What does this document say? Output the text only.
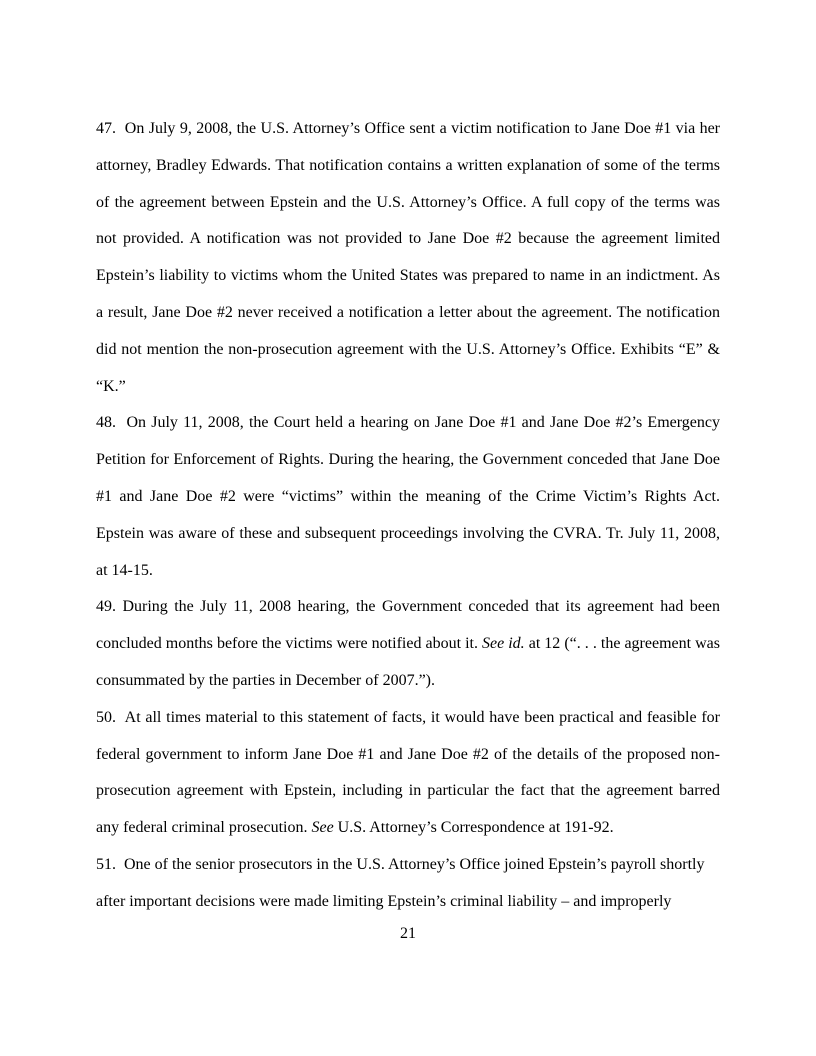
47. On July 9, 2008, the U.S. Attorney’s Office sent a victim notification to Jane Doe #1 via her attorney, Bradley Edwards. That notification contains a written explanation of some of the terms of the agreement between Epstein and the U.S. Attorney’s Office. A full copy of the terms was not provided. A notification was not provided to Jane Doe #2 because the agreement limited Epstein’s liability to victims whom the United States was prepared to name in an indictment. As a result, Jane Doe #2 never received a notification a letter about the agreement. The notification did not mention the non-prosecution agreement with the U.S. Attorney’s Office. Exhibits “E” & “K.”

48. On July 11, 2008, the Court held a hearing on Jane Doe #1 and Jane Doe #2’s Emergency Petition for Enforcement of Rights. During the hearing, the Government conceded that Jane Doe #1 and Jane Doe #2 were “victims” within the meaning of the Crime Victim’s Rights Act. Epstein was aware of these and subsequent proceedings involving the CVRA. Tr. July 11, 2008, at 14-15.

49. During the July 11, 2008 hearing, the Government conceded that its agreement had been concluded months before the victims were notified about it. See id. at 12 (“. . . the agreement was consummated by the parties in December of 2007.”).

50.  At all times material to this statement of facts, it would have been practical and feasible for federal government to inform Jane Doe #1 and Jane Doe #2 of the details of the proposed non-prosecution agreement with Epstein, including in particular the fact that the agreement barred any federal criminal prosecution. See U.S. Attorney’s Correspondence at 191-92.

51. One of the senior prosecutors in the U.S. Attorney’s Office joined Epstein’s payroll shortly after important decisions were made limiting Epstein’s criminal liability – and improperly

21
